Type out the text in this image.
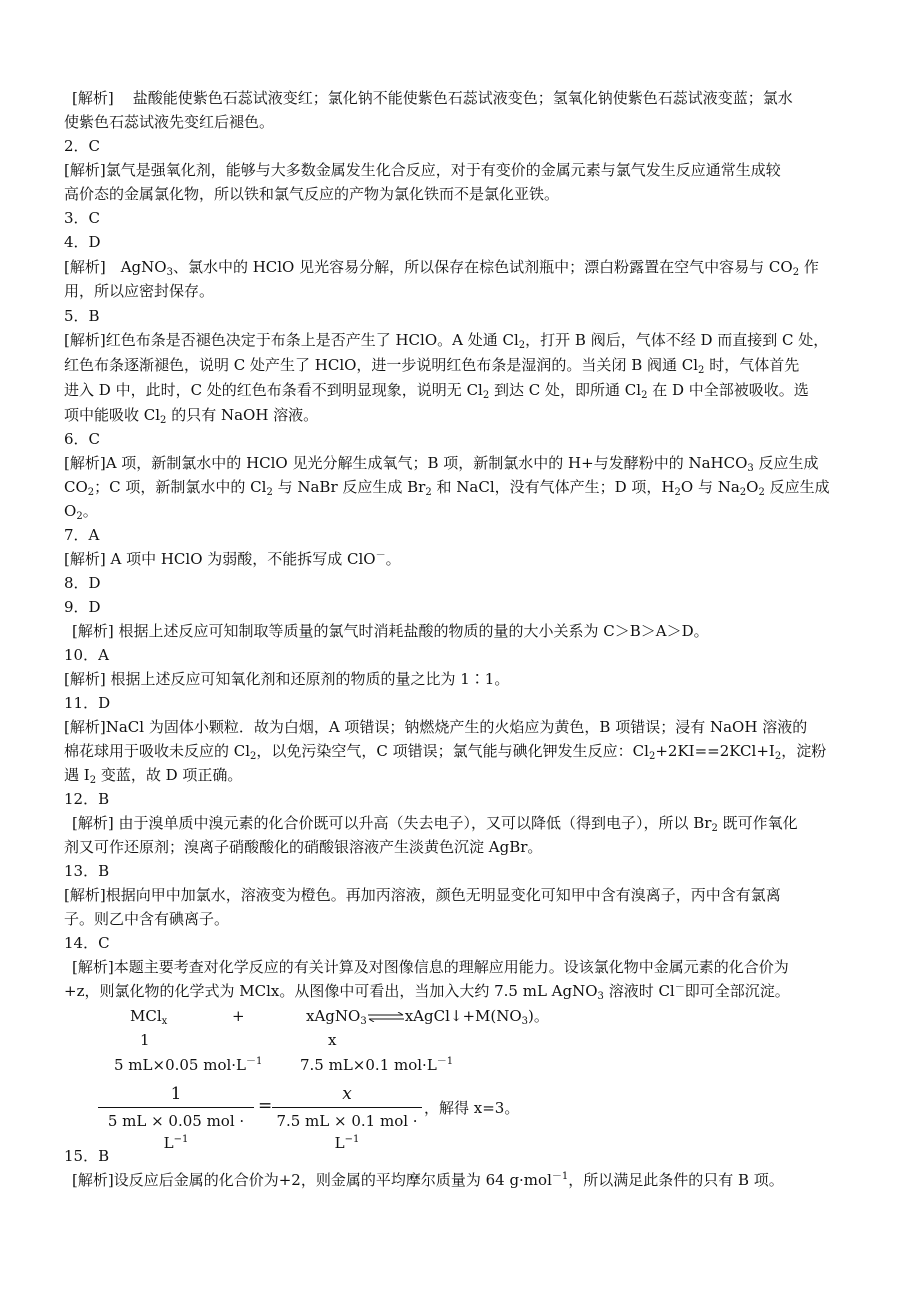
[解析] 盐酸能使紫色石蕊试液变红；氯化钠不能使紫色石蕊试液变色；氢氧化钠使紫色石蕊试液变蓝；氯水
使紫色石蕊试液先变红后褪色。
2．C
[解析]氯气是强氧化剂，能够与大多数金属发生化合反应，对于有变价的金属元素与氯气发生反应通常生成较
高价态的金属氯化物，所以铁和氯气反应的产物为氯化铁而不是氯化亚铁。
3．C
4．D
[解析]　AgNO$_3$、氯水中的 HClO 见光容易分解，所以保存在棕色试剂瓶中；漂白粉露置在空气中容易与 $CO_2$ 作
用，所以应密封保存。
5．B
[解析]红色布条是否褪色决定于布条上是否产生了 HClO。A 处通 $Cl_2$，打开 B 阀后，气体不经 D 而直接到 C 处，
红色布条逐渐褪色，说明 C 处产生了 HClO，进一步说明红色布条是湿润的。当关闭 B 阀通 $Cl_2$ 时，气体首先
进入 D 中，此时，C 处的红色布条看不到明显现象，说明无 $Cl_2$ 到达 C 处，即所通 $Cl_2$ 在 D 中全部被吸收。选
项中能吸收 $Cl_2$ 的只有 NaOH 溶液。
6．C
[解析]A 项，新制氯水中的 HClO 见光分解生成氧气；B 项，新制氯水中的 H+与发酵粉中的 NaHCO$_3$ 反应生成
$CO_2$；C 项，新制氯水中的 $Cl_2$ 与 NaBr 反应生成 $Br_2$ 和 NaCl，没有气体产生；D 项，$H_2O$ 与 $Na_2O_2$ 反应生成
$O_2$。
7．A
[解析] A 项中 HClO 为弱酸，不能拆写成 ClO－。
8．D
9．D
[解析] 根据上述反应可知制取等质量的氯气时消耗盐酸的物质的量的大小关系为 C＞B＞A＞D。
10．A
[解析] 根据上述反应可知氧化剂和还原剂的物质的量之比为 1∶1。
11．D
[解析]NaCl 为固体小颗粒．故为白烟，A 项错误；钠燃烧产生的火焰应为黄色，B 项错误；浸有 NaOH 溶液的
棉花球用于吸收未反应的 $Cl_2$，以免污染空气，C 项错误；氯气能与碘化钾发生反应：$Cl_2+2KI==2KCl+I_2$，淀粉
遇 $I_2$ 变蓝，故 D 项正确。
12．B
[解析] 由于溴单质中溴元素的化合价既可以升高（失去电子），又可以降低（得到电子），所以 $Br_2$ 既可作氧化
剂又可作还原剂；溴离子硝酸酸化的硝酸银溶液产生淡黄色沉淀 AgBr。
13．B
[解析]根据向甲中加氯水，溶液变为橙色。再加丙溶液，颜色无明显变化可知甲中含有溴离子，丙中含有氯离
子。则乙中含有碘离子。
14．C
[解析]本题主要考查对化学反应的有关计算及对图像信息的理解应用能力。设该氯化物中金属元素的化合价为
+z，则氯化物的化学式为 MClx。从图像中可看出，当加入大约 7.5 mL AgNO$_3$ 溶液时 Cl－即可全部沉淀。
MCl$_x$	+	$xAgNO_3\rightleftharpoons xAgCl↓+M(NO_3)$。
1	x
5 mL×0.05 $mol\cdot L^{-1}$	7.5 mL×0.1 $mol\cdot L^{-1}$
1
5 mL × 0.05 mol · $L^{-1}$
=
x
7.5 mL × 0.1 mol · $L^{-1}$
，解得 x=3。
15．B
[解析]设反应后金属的化合价为+2，则金属的平均摩尔质量为 64 g·mol$^{-1}$，所以满足此条件的只有 B 项。
